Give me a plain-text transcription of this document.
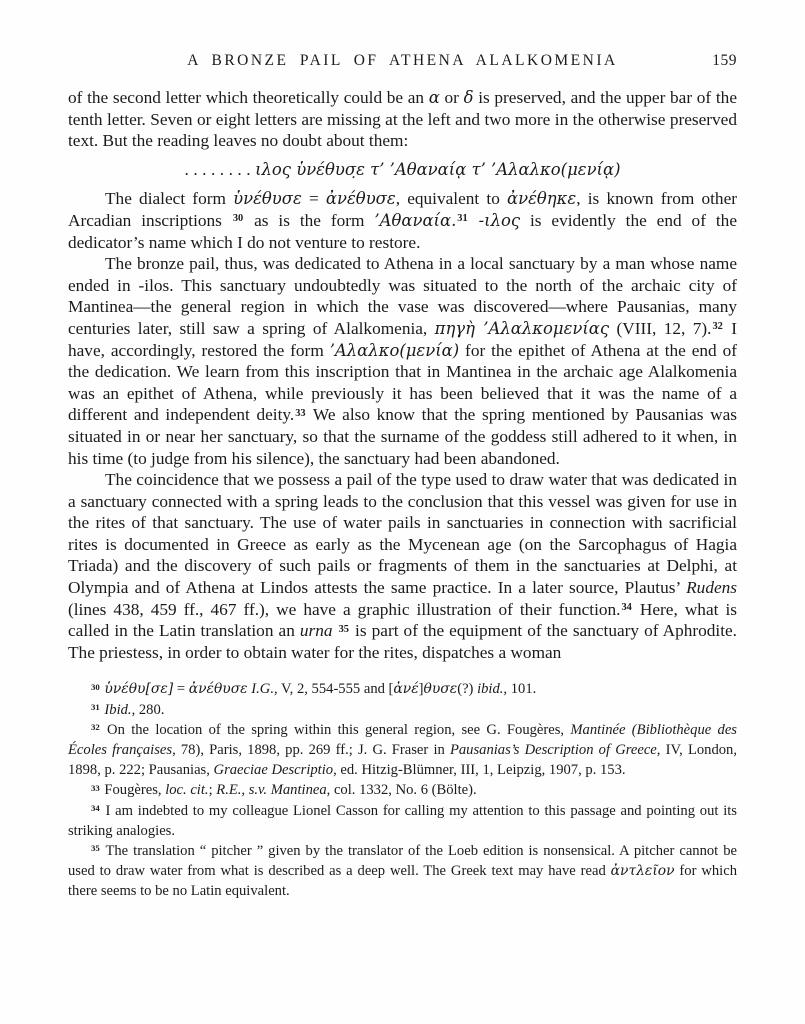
A BRONZE PAIL OF ATHENA ALALKOMENIA	159

of the second letter which theoretically could be an α or δ is preserved, and the upper bar of the tenth letter. Seven or eight letters are missing at the left and two more in the otherwise preserved text. But the reading leaves no doubt about them:

........ιλος ὑνέθυσ̣ε τ’ ’Αθαναίᾳ τ’ ’Αλαλκο(μενίᾳ)

The dialect form ὑνέθυσε = ἀνέθυσε, equivalent to ἀνέθηκε, is known from other Arcadian inscriptions $^{30}$ as is the form ’Αθαναία.$^{31}$ -ιλος is evidently the end of the dedicator’s name which I do not venture to restore.

The bronze pail, thus, was dedicated to Athena in a local sanctuary by a man whose name ended in -ilos. This sanctuary undoubtedly was situated to the north of the archaic city of Mantinea—the general region in which the vase was discovered—where Pausanias, many centuries later, still saw a spring of Alalkomenia, πηγὴ ’Αλαλκομενίας (VIII, 12, 7).$^{32}$ I have, accordingly, restored the form ’Αλαλκο(μενία) for the epithet of Athena at the end of the dedication. We learn from this inscription that in Mantinea in the archaic age Alalkomenia was an epithet of Athena, while previously it has been believed that it was the name of a different and independent deity.$^{33}$ We also know that the spring mentioned by Pausanias was situated in or near her sanctuary, so that the surname of the goddess still adhered to it when, in his time (to judge from his silence), the sanctuary had been abandoned.

The coincidence that we possess a pail of the type used to draw water that was dedicated in a sanctuary connected with a spring leads to the conclusion that this vessel was given for use in the rites of that sanctuary. The use of water pails in sanctuaries in connection with sacrificial rites is documented in Greece as early as the Mycenean age (on the Sarcophagus of Hagia Triada) and the discovery of such pails or fragments of them in the sanctuaries at Delphi, at Olympia and of Athena at Lindos attests the same practice. In a later source, Plautus’ Rudens (lines 438, 459 ff., 467 ff.), we have a graphic illustration of their function.$^{34}$ Here, what is called in the Latin translation an urna $^{35}$ is part of the equipment of the sanctuary of Aphrodite. The priestess, in order to obtain water for the rites, dispatches a woman

$^{30}$ ὑνέθυ[σε] = ἀνέθυσε I.G., V, 2, 554-555 and [ἀνέ]θυσε(?) ibid., 101.

$^{31}$ Ibid., 280.

$^{32}$ On the location of the spring within this general region, see G. Fougères, Mantinée (Bibliothèque des Écoles françaises, 78), Paris, 1898, pp. 269 ff.; J. G. Fraser in Pausanias’s Description of Greece, IV, London, 1898, p. 222; Pausanias, Graeciae Descriptio, ed. Hitzig-Blümner, III, 1, Leipzig, 1907, p. 153.

$^{33}$ Fougères, loc. cit.; R.E., s.v. Mantinea, col. 1332, No. 6 (Bölte).

$^{34}$ I am indebted to my colleague Lionel Casson for calling my attention to this passage and pointing out its striking analogies.

$^{35}$ The translation “ pitcher ” given by the translator of the Loeb edition is nonsensical. A pitcher cannot be used to draw water from what is described as a deep well. The Greek text may have read ἀντλεῖον for which there seems to be no Latin equivalent.
